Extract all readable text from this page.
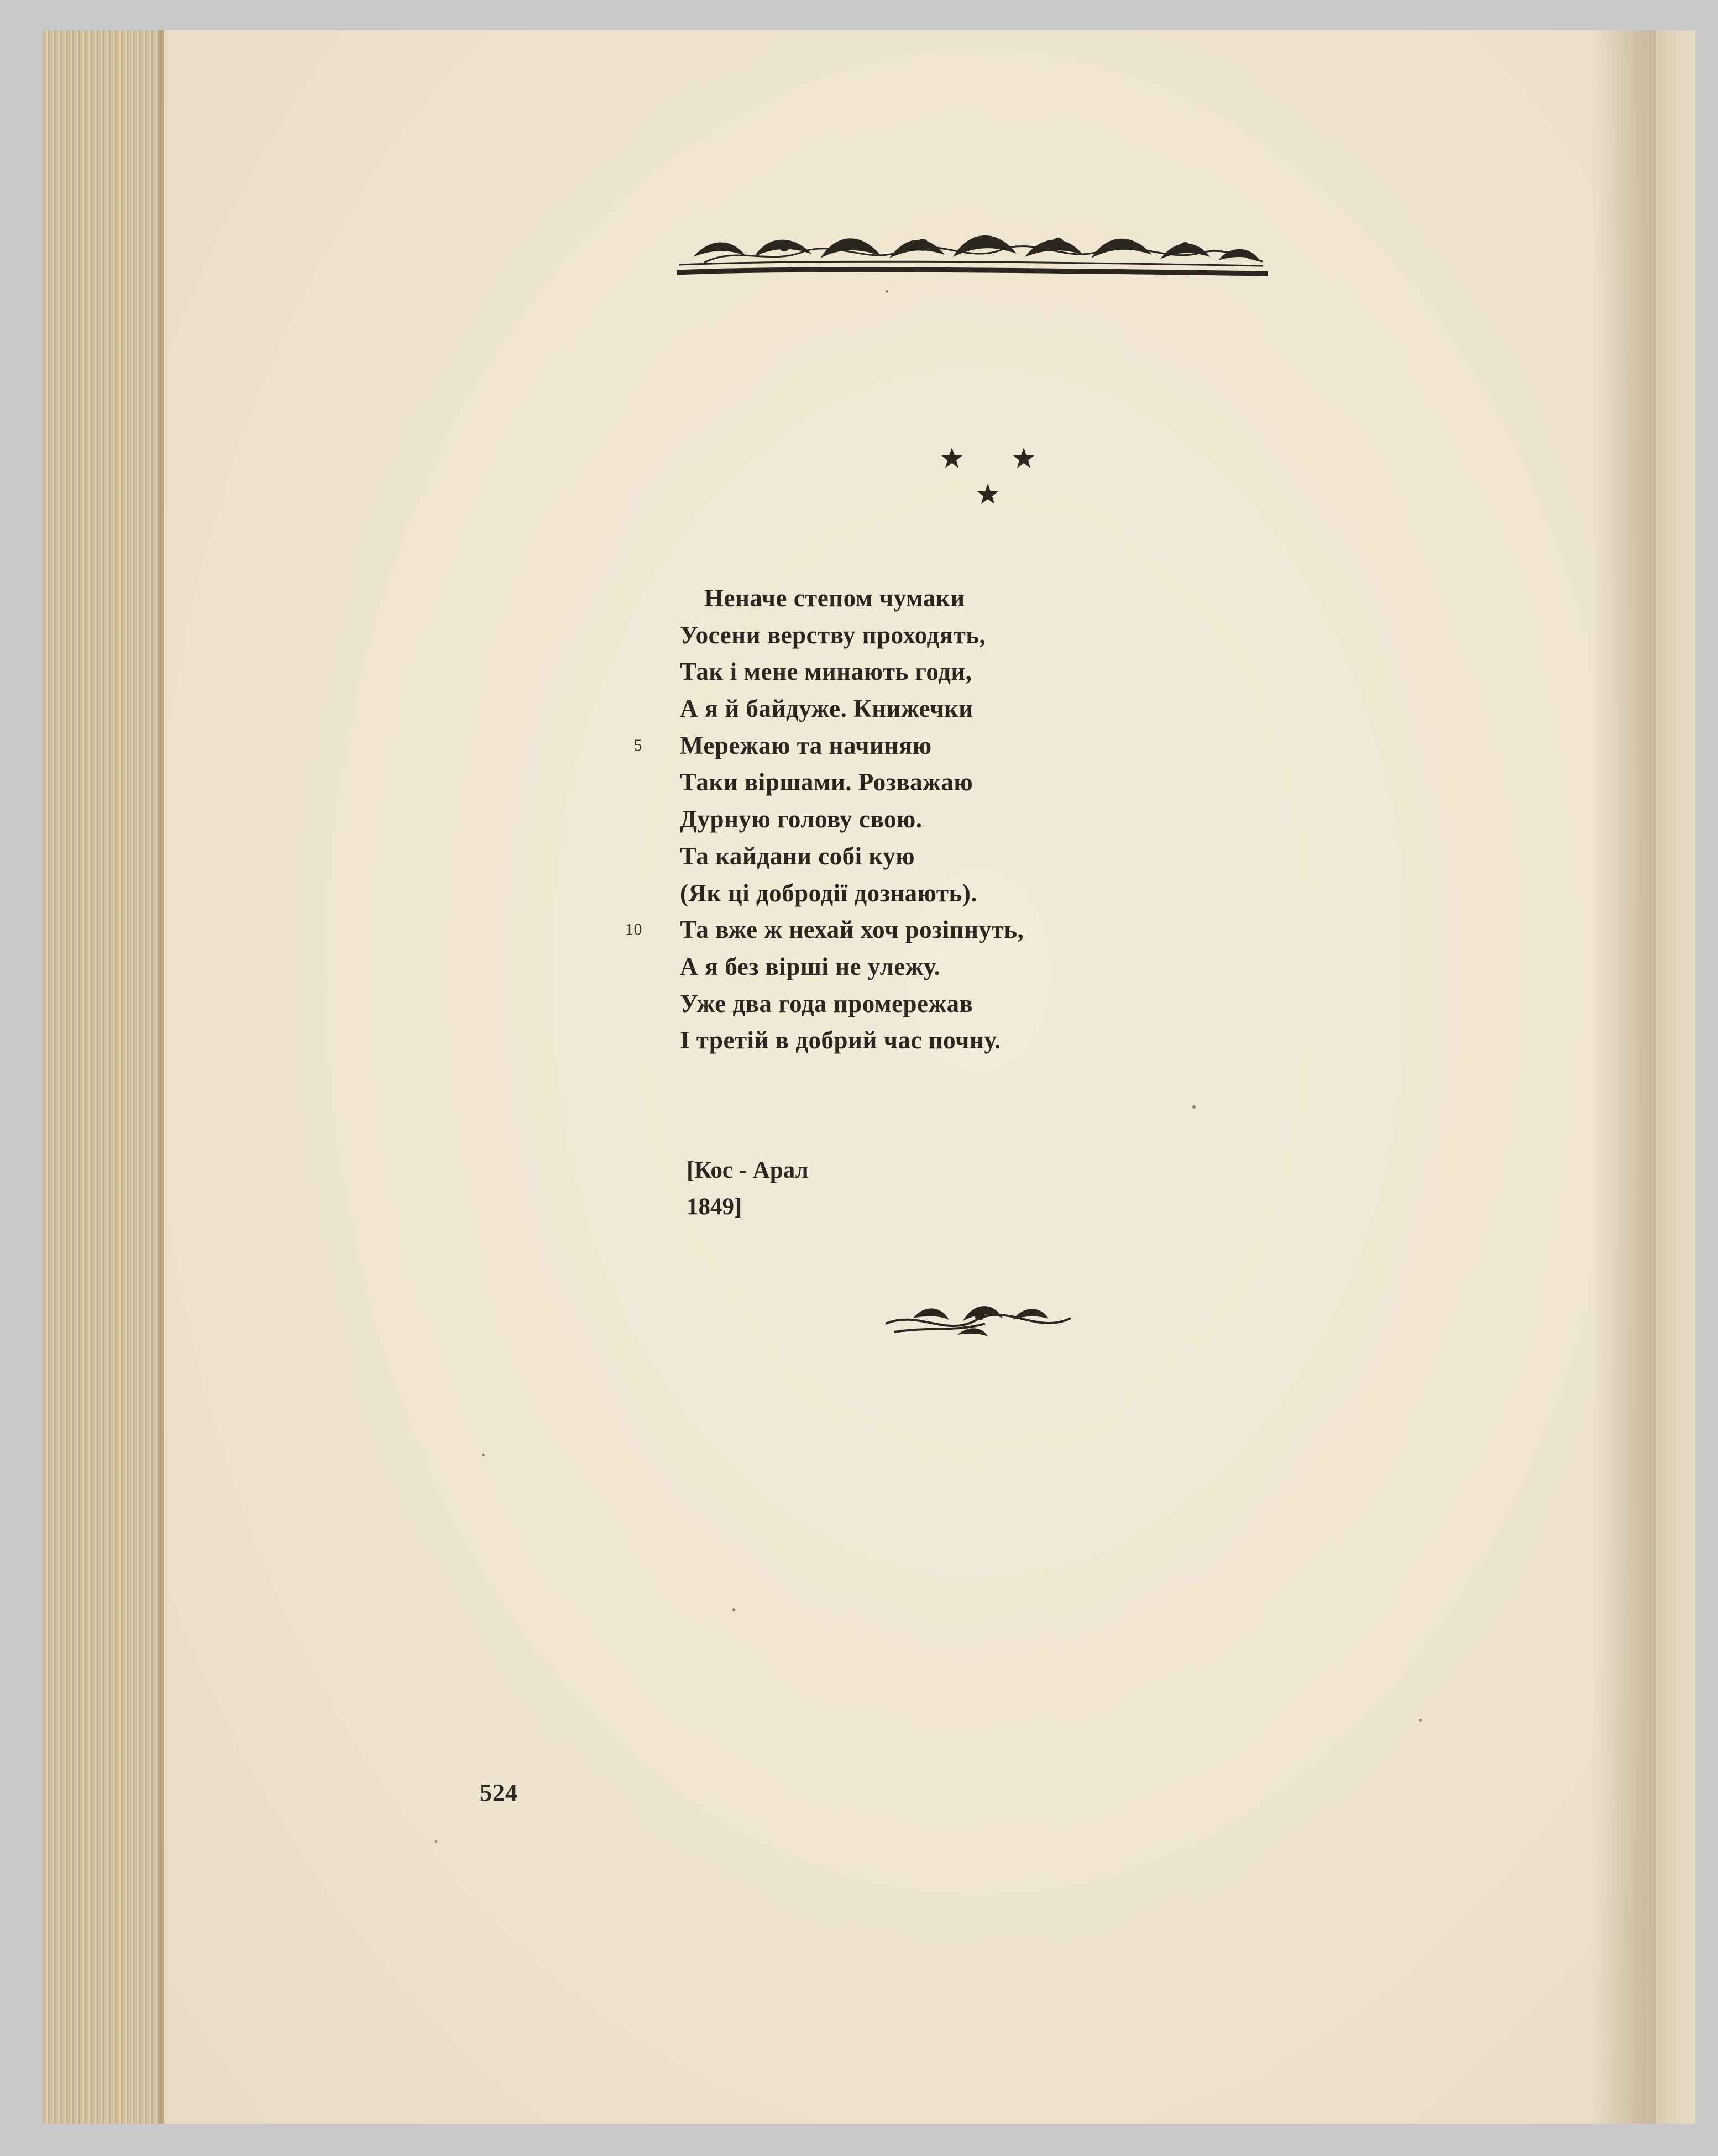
Неначе степом чумаки
Уосени верству проходять,
Так і мене минають годи,
А я й байдуже. Книжечки
5 Мережаю та начиняю
Таки віршами. Розважаю
Дурную голову свою.
Та кайдани собі кую
(Як ці добродії дознають).
10 Та вже ж нехай хоч розіпнуть,
А я без вірші не улежу.
Уже два года промережав
І третій в добрий час почну.
[Кос - Арал
1849]
524
